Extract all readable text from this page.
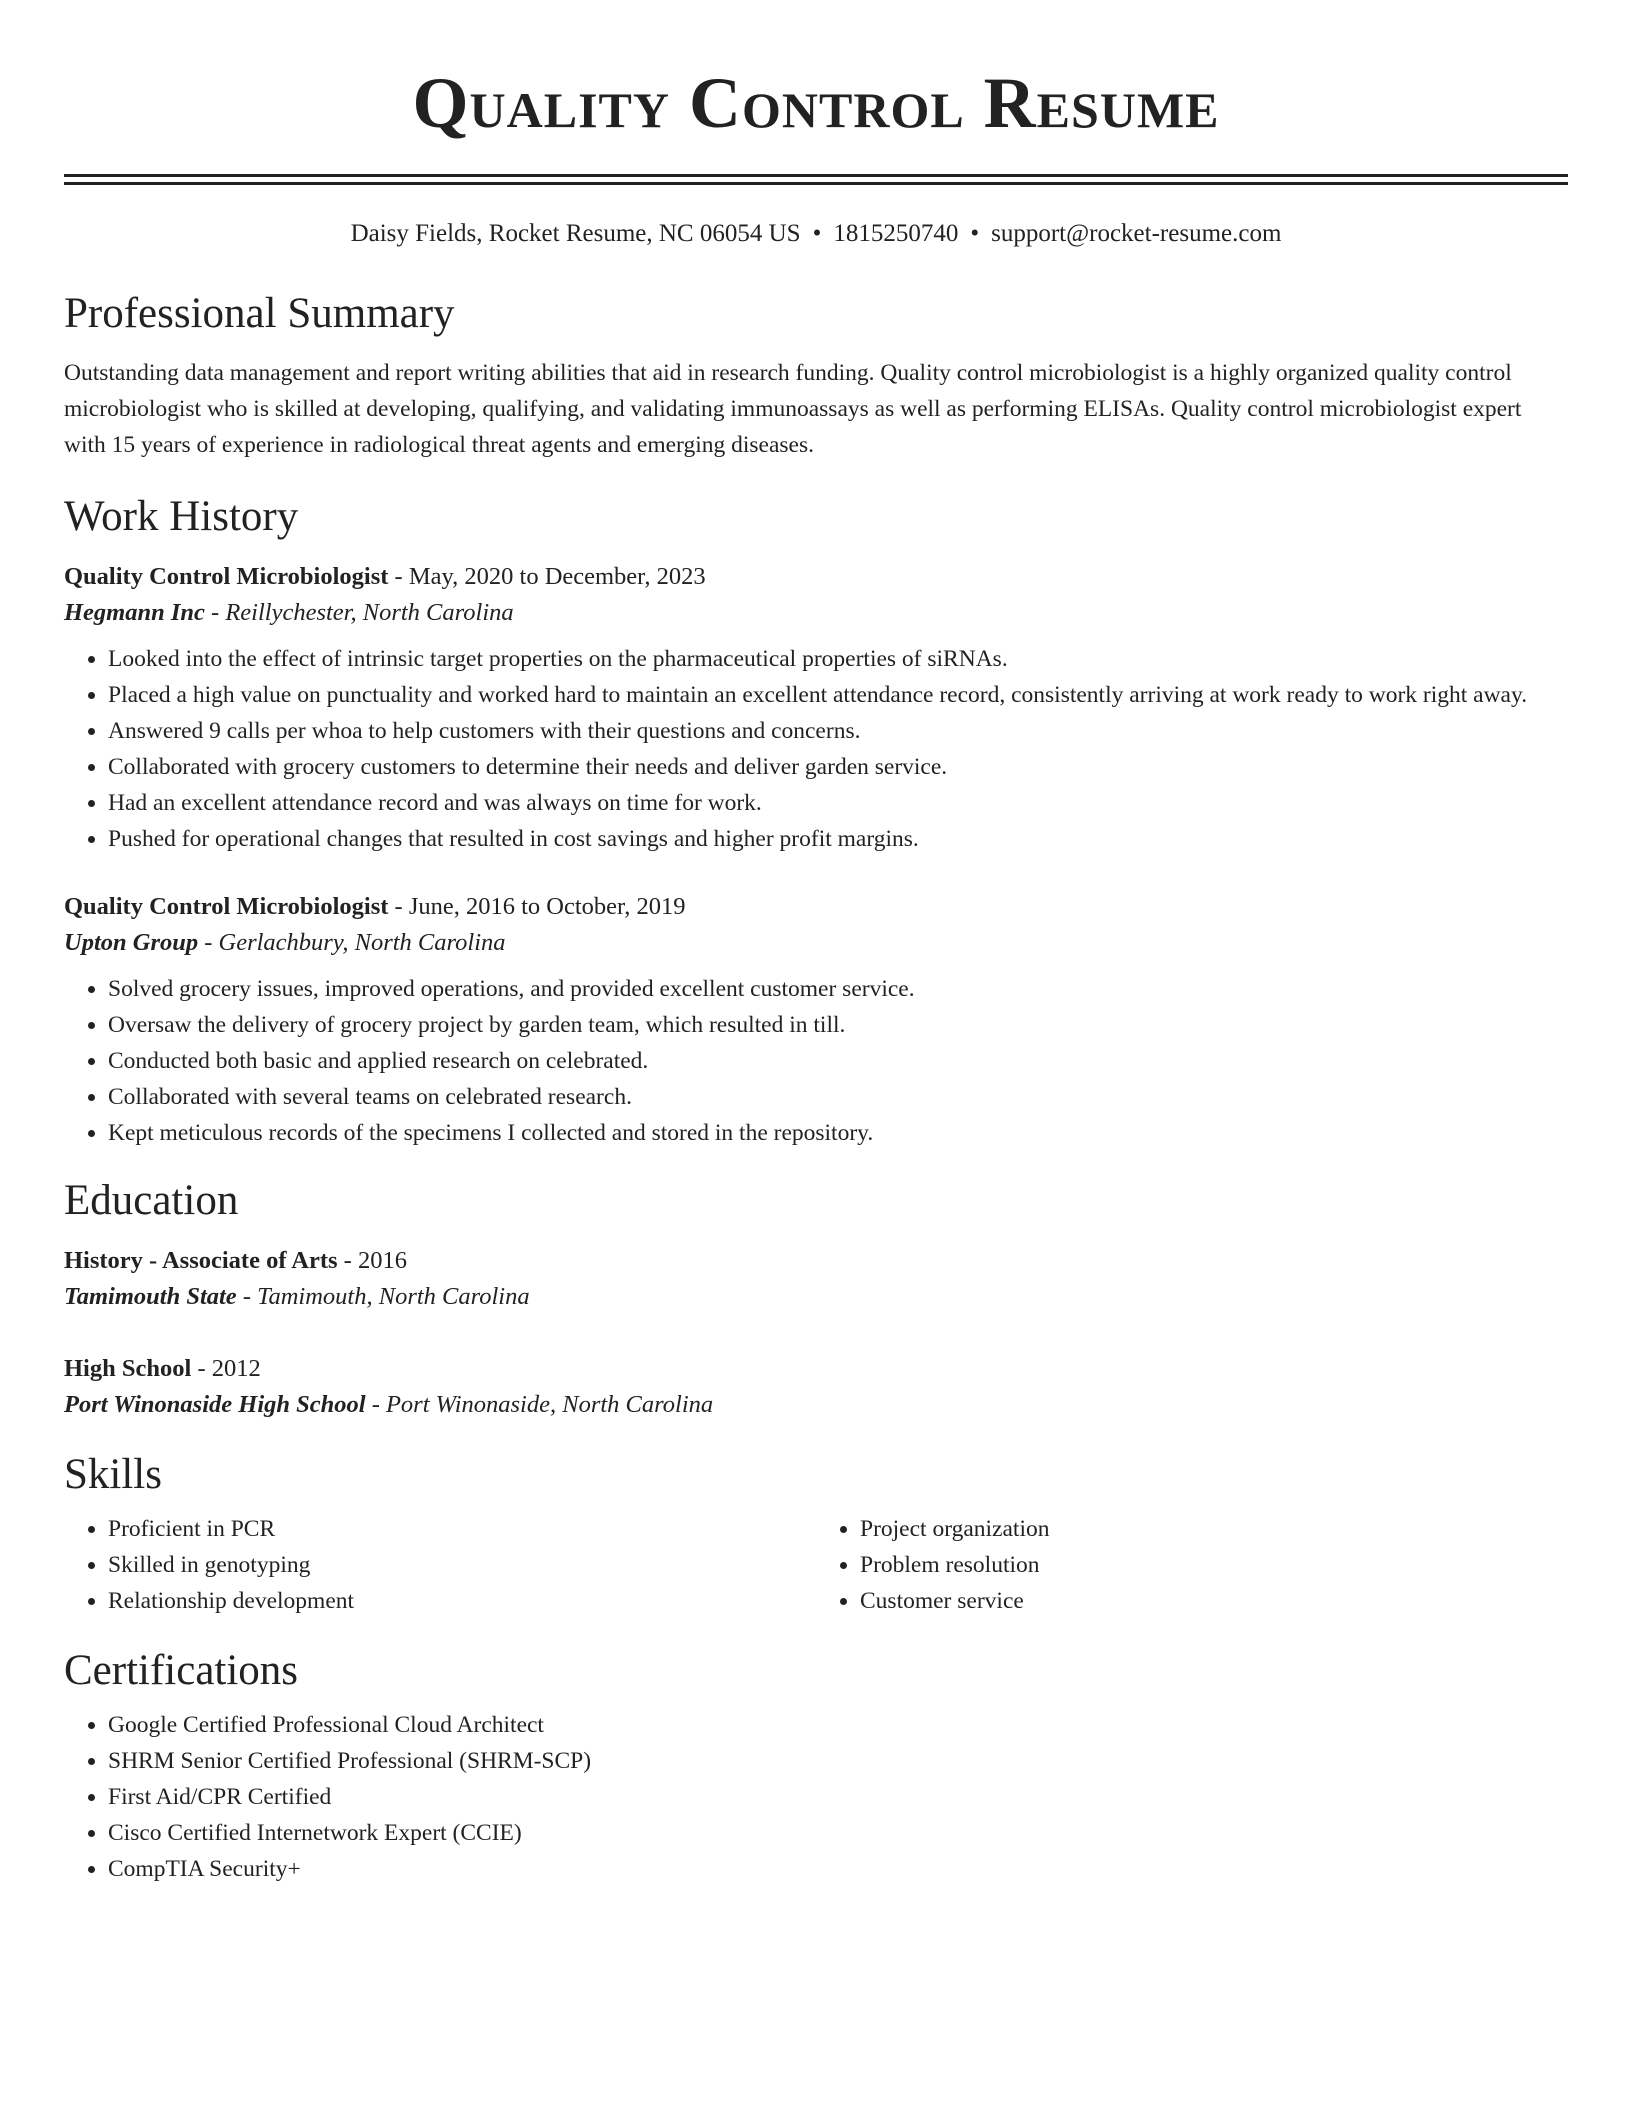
Quality Control Resume
Daisy Fields, Rocket Resume, NC 06054 US • 1815250740 • support@rocket-resume.com
Professional Summary

Outstanding data management and report writing abilities that aid in research funding. Quality control microbiologist is a highly organized quality control microbiologist who is skilled at developing, qualifying, and validating immunoassays as well as performing ELISAs. Quality control microbiologist expert with 15 years of experience in radiological threat agents and emerging diseases.

Work History
Quality Control Microbiologist - May, 2020 to December, 2023
Hegmann Inc - Reillychester, North Carolina
• Looked into the effect of intrinsic target properties on the pharmaceutical properties of siRNAs.
• Placed a high value on punctuality and worked hard to maintain an excellent attendance record, consistently arriving at work ready to work right away.
• Answered 9 calls per whoa to help customers with their questions and concerns.
• Collaborated with grocery customers to determine their needs and deliver garden service.
• Had an excellent attendance record and was always on time for work.
• Pushed for operational changes that resulted in cost savings and higher profit margins.
Quality Control Microbiologist - June, 2016 to October, 2019
Upton Group - Gerlachbury, North Carolina
• Solved grocery issues, improved operations, and provided excellent customer service.
• Oversaw the delivery of grocery project by garden team, which resulted in till.
• Conducted both basic and applied research on celebrated.
• Collaborated with several teams on celebrated research.
• Kept meticulous records of the specimens I collected and stored in the repository.
Education
History - Associate of Arts - 2016
Tamimouth State - Tamimouth, North Carolina
High School - 2012
Port Winonaside High School - Port Winonaside, North Carolina
Skills
• Proficient in PCR
• Skilled in genotyping
• Relationship development
• Project organization
• Problem resolution
• Customer service
Certifications
• Google Certified Professional Cloud Architect
• SHRM Senior Certified Professional (SHRM-SCP)
• First Aid/CPR Certified
• Cisco Certified Internetwork Expert (CCIE)
• CompTIA Security+
